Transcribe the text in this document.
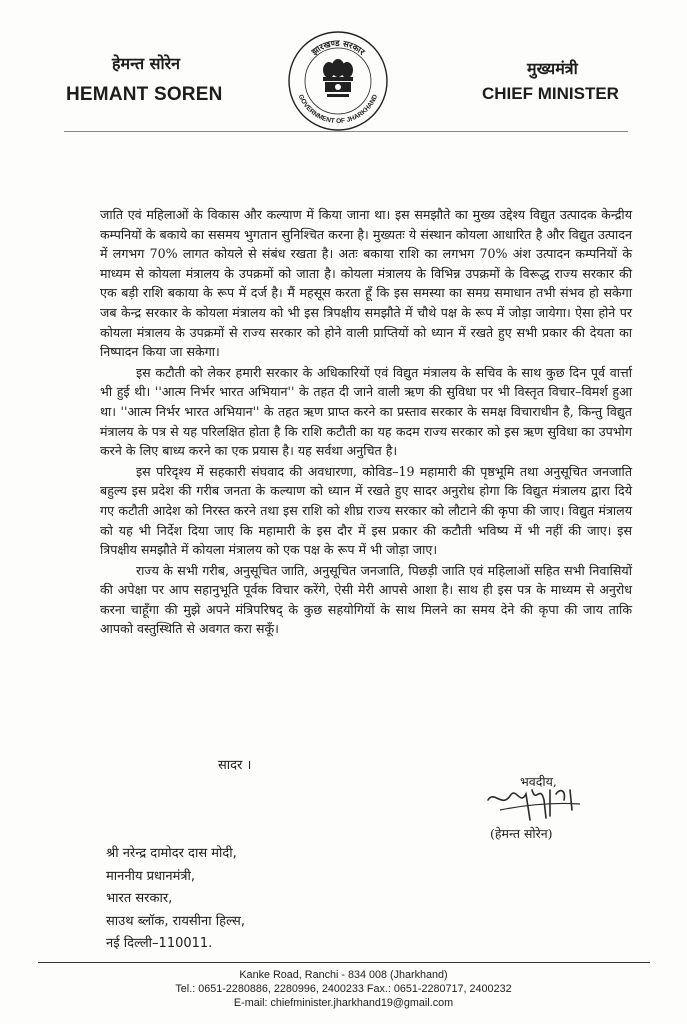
हेमन्त सोरेन
HEMANT SOREN
झारखण्ड सरकार
GOVERNMENT OF JHARKHAND
मुख्यमंत्री
CHIEF MINISTER

जाति एवं महिलाओं के विकास और कल्याण में किया जाना था। इस समझौते का मुख्य उद्देश्य विद्युत उत्पादक केन्द्रीय कम्पनियों के बकाये का ससमय भुगतान सुनिश्चित करना है। मुख्यतः ये संस्थान कोयला आधारित है और विद्युत उत्पादन में लगभग 70% लागत कोयले से संबंध रखता है। अतः बकाया राशि का लगभग 70% अंश उत्पादन कम्पनियों के माध्यम से कोयला मंत्रालय के उपक्रमों को जाता है। कोयला मंत्रालय के विभिन्न उपक्रमों के विरूद्ध राज्य सरकार की एक बड़ी राशि बकाया के रूप में दर्ज है। मैं महसूस करता हूँ कि इस समस्या का समग्र समाधान तभी संभव हो सकेगा जब केन्द्र सरकार के कोयला मंत्रालय को भी इस त्रिपक्षीय समझौते में चौथे पक्ष के रूप में जोड़ा जायेगा। ऐसा होने पर कोयला मंत्रालय के उपक्रमों से राज्य सरकार को होने वाली प्राप्तियों को ध्यान में रखते हुए सभी प्रकार की देयता का निष्पादन किया जा सकेगा।

इस कटौती को लेकर हमारी सरकार के अधिकारियों एवं विद्युत मंत्रालय के सचिव के साथ कुछ दिन पूर्व वार्त्ता भी हुई थी। ''आत्म निर्भर भारत अभियान'' के तहत दी जाने वाली ऋण की सुविधा पर भी विस्तृत विचार–विमर्श हुआ था। ''आत्म निर्भर भारत अभियान'' के तहत ऋण प्राप्त करने का प्रस्ताव सरकार के समक्ष विचाराधीन है, किन्तु विद्युत मंत्रालय के पत्र से यह परिलक्षित होता है कि राशि कटौती का यह कदम राज्य सरकार को इस ऋण सुविधा का उपभोग करने के लिए बाध्य करने का एक प्रयास है। यह सर्वथा अनुचित है।

इस परिदृश्य में सहकारी संघवाद की अवधारणा, कोविड–19 महामारी की पृष्ठभूमि तथा अनुसूचित जनजाति बहुल्य इस प्रदेश की गरीब जनता के कल्याण को ध्यान में रखते हुए सादर अनुरोध होगा कि विद्युत मंत्रालय द्वारा दिये गए कटौती आदेश को निरस्त करने तथा इस राशि को शीघ्र राज्य सरकार को लौटाने की कृपा की जाए। विद्युत मंत्रालय को यह भी निर्देश दिया जाए कि महामारी के इस दौर में इस प्रकार की कटौती भविष्य में भी नहीं की जाए। इस त्रिपक्षीय समझौते में कोयला मंत्रालय को एक पक्ष के रूप में भी जोड़ा जाए।

राज्य के सभी गरीब, अनुसूचित जाति, अनुसूचित जनजाति, पिछड़ी जाति एवं महिलाओं सहित सभी निवासियों की अपेक्षा पर आप सहानुभूति पूर्वक विचार करेंगे, ऐसी मेरी आपसे आशा है। साथ ही इस पत्र के माध्यम से अनुरोध करना चाहूँगा की मुझे अपने मंत्रिपरिषद् के कुछ सहयोगियों के साथ मिलने का समय देने की कृपा की जाय ताकि आपको वस्तुस्थिति से अवगत करा सकूँ।

सादर ।
भवदीय,
(हेमन्त सोरेन)
श्री नरेन्द्र दामोदर दास मोदी,
माननीय प्रधानमंत्री,
भारत सरकार,
साउथ ब्लॉक, रायसीना हिल्स,
नई दिल्ली–110011.
Kanke Road, Ranchi - 834 008 (Jharkhand)
Tel.: 0651-2280886, 2280996, 2400233 Fax.: 0651-2280717, 2400232
E-mail: chiefminister.jharkhand19@gmail.com
